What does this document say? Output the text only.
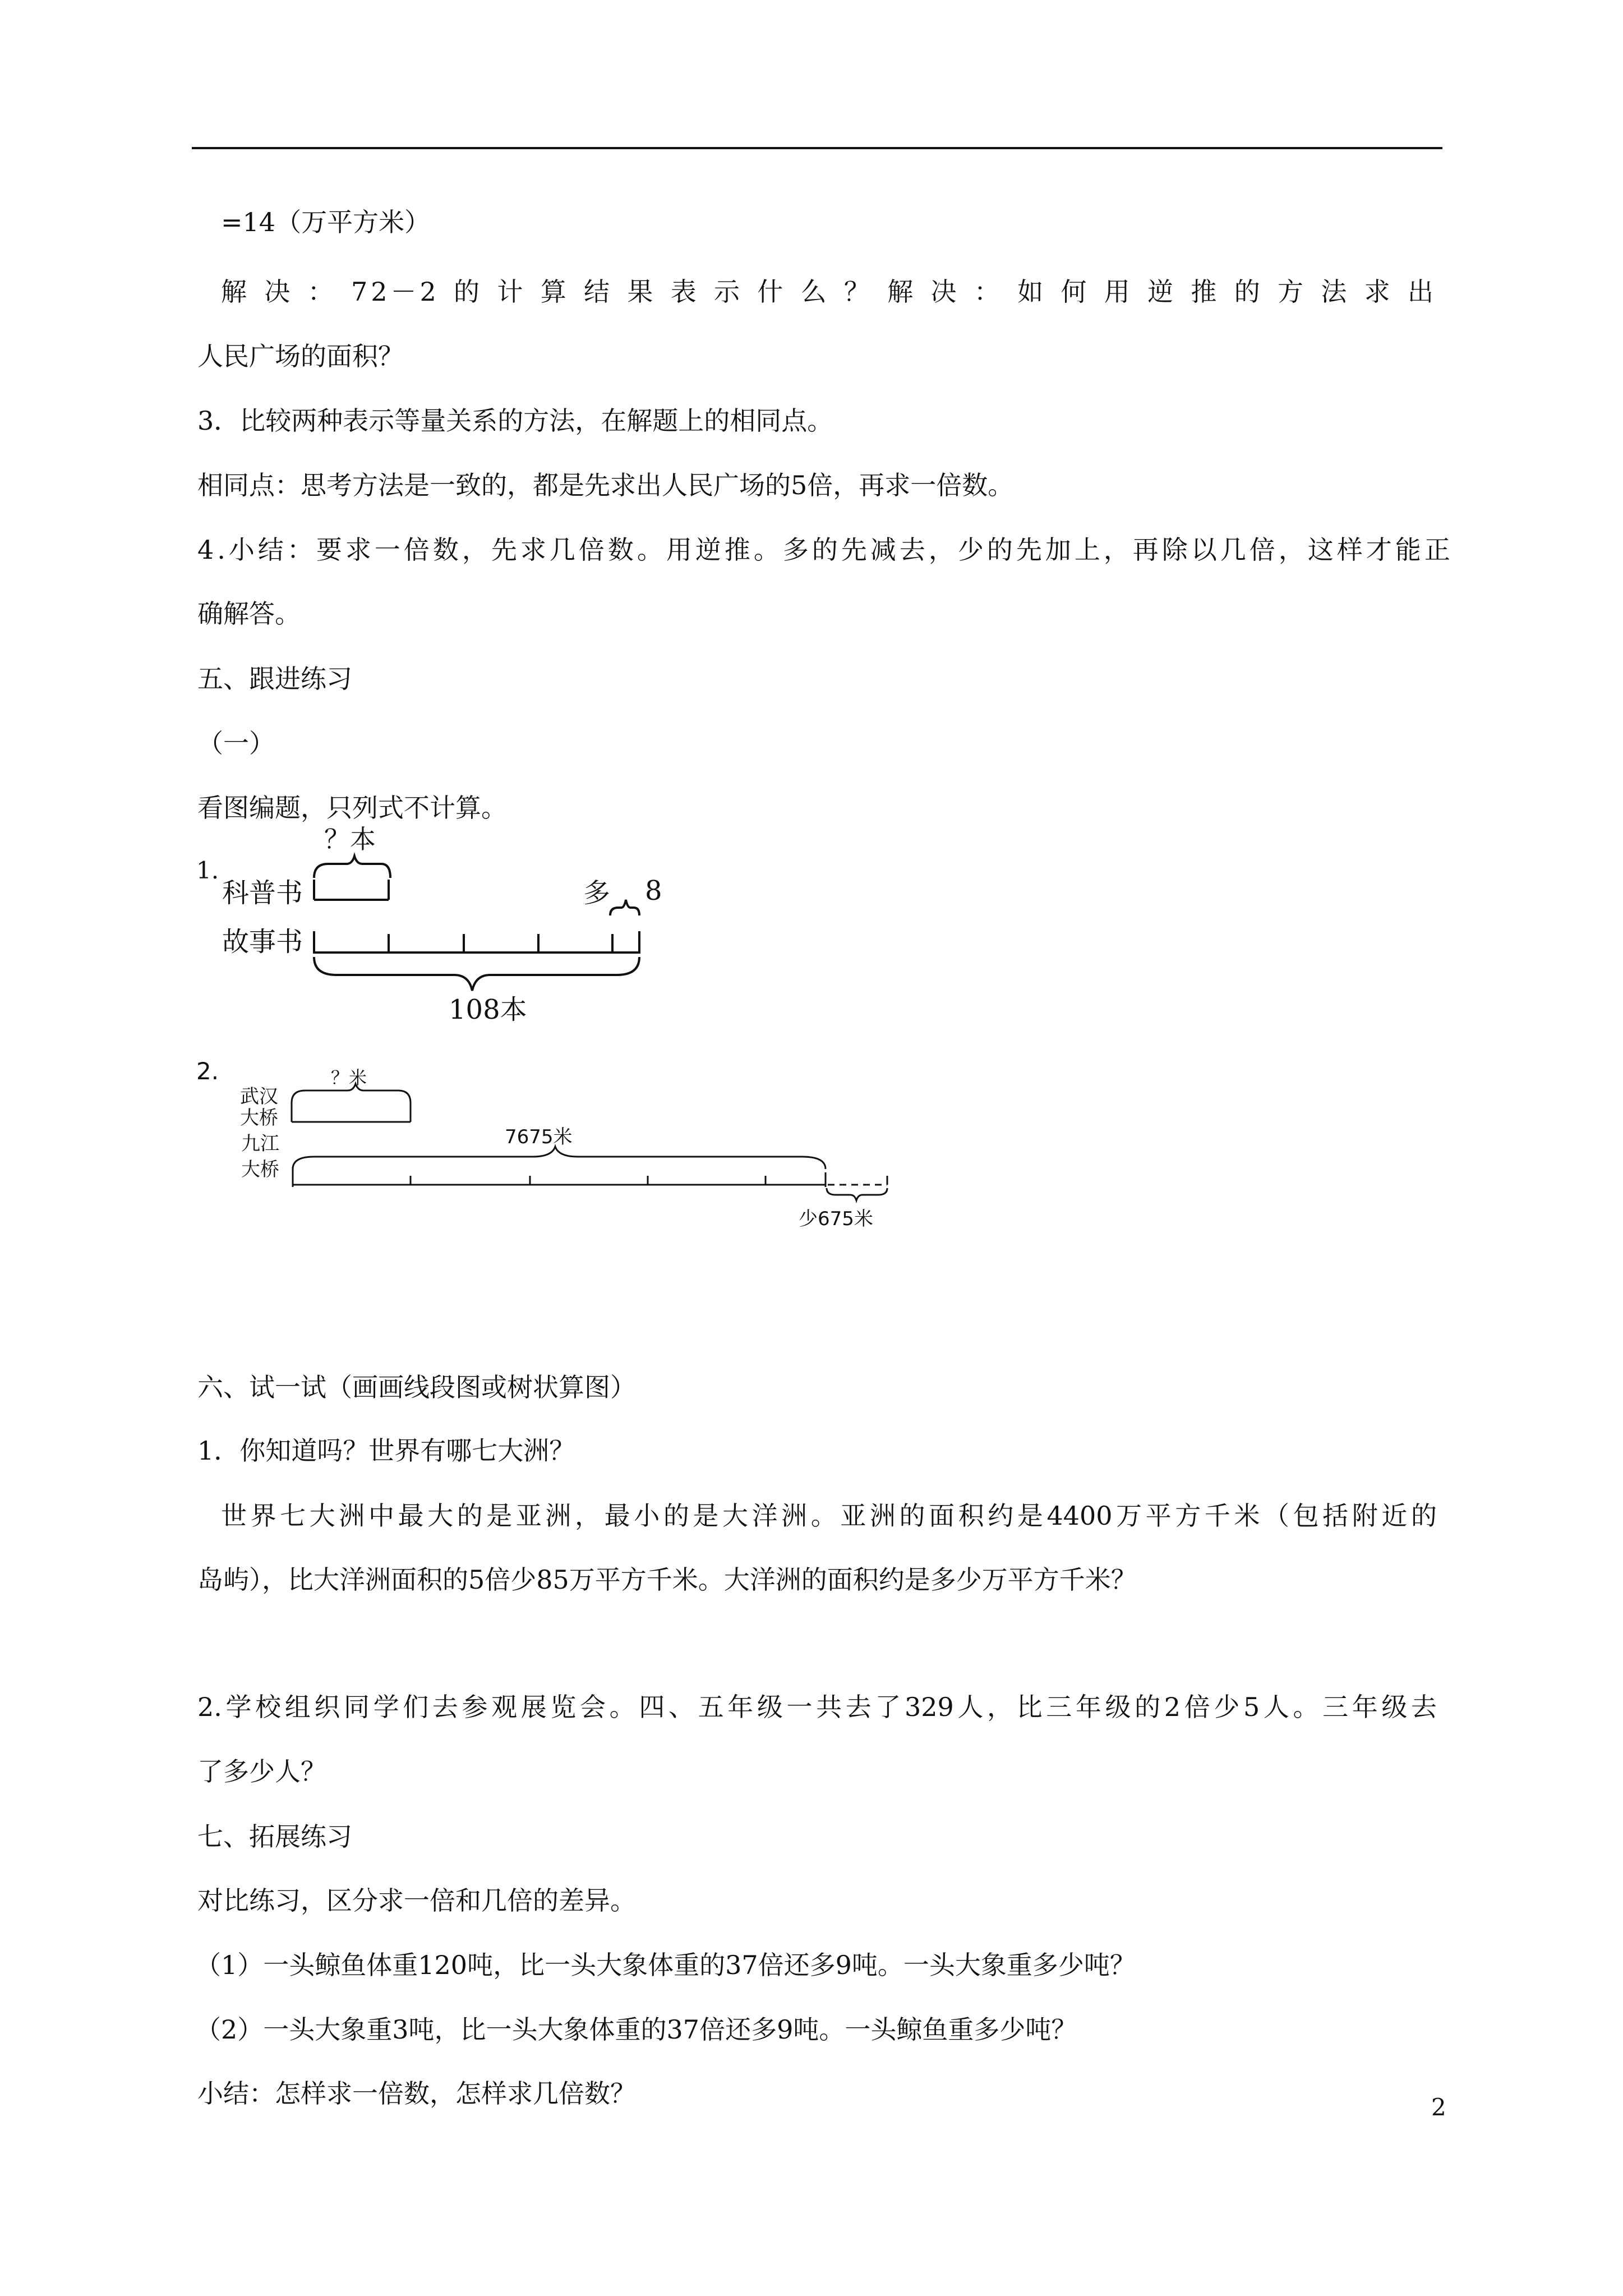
=14（万平方米）
解决：72－2的计算结果表示什么？解决：如何用逆推的方法求出
人民广场的面积？
3．比较两种表示等量关系的方法，在解题上的相同点。
相同点：思考方法是一致的，都是先求出人民广场的5倍，再求一倍数。
4.小结：要求一倍数，先求几倍数。用逆推。多的先减去，少的先加上，再除以几倍，这样才能正
确解答。
五、跟进练习
（一）
看图编题，只列式不计算。
1.
？本
科普书	多 8
故事书
108本
2.	？米
武汉
大桥
九江
大桥
7675米
少675米
六、试一试（画画线段图或树状算图）
1．你知道吗？世界有哪七大洲？
世界七大洲中最大的是亚洲，最小的是大洋洲。亚洲的面积约是4400万平方千米（包括附近的
岛屿），比大洋洲面积的5倍少85万平方千米。大洋洲的面积约是多少万平方千米？
2.学校组织同学们去参观展览会。四、五年级一共去了329人，比三年级的2倍少5人。三年级去
了多少人？
七、拓展练习
对比练习，区分求一倍和几倍的差异。
（1）一头鲸鱼体重120吨，比一头大象体重的37倍还多9吨。一头大象重多少吨？
（2）一头大象重3吨，比一头大象体重的37倍还多9吨。一头鲸鱼重多少吨？
小结：怎样求一倍数，怎样求几倍数？	2
